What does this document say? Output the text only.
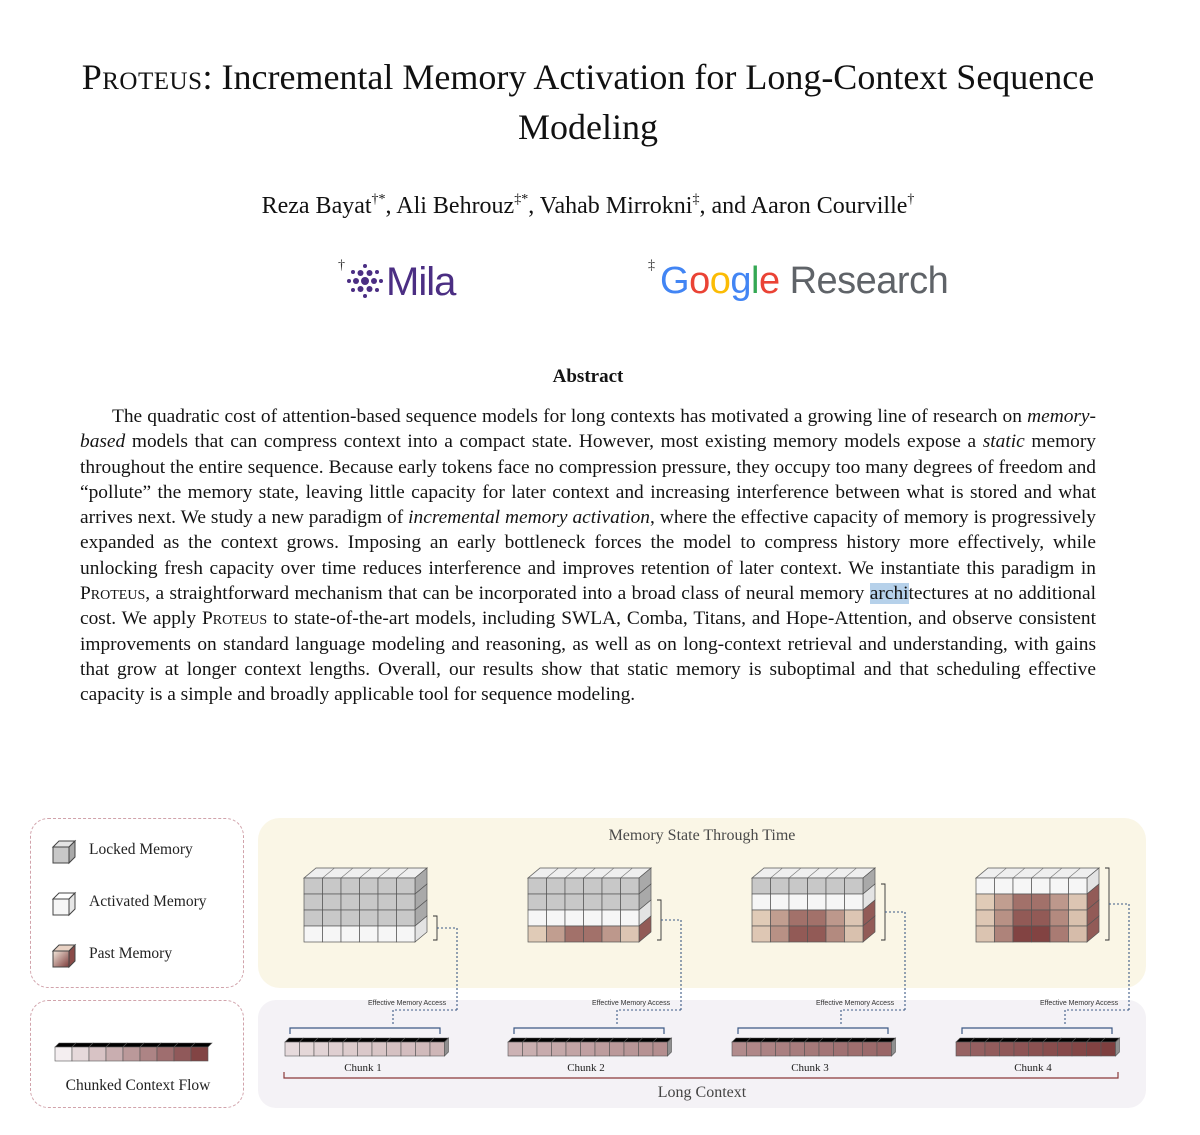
Proteus: Incremental Memory Activation for Long-Context Sequence Modeling
Reza Bayat†*, Ali Behrouz‡*, Vahab Mirrokni‡, and Aaron Courville†
† Mila	‡ Google Research
Abstract

The quadratic cost of attention-based sequence models for long contexts has motivated a growing line of research on memory-based models that can compress context into a compact state. However, most existing memory models expose a static memory throughout the entire sequence. Because early tokens face no compression pressure, they occupy too many degrees of freedom and “pollute” the memory state, leaving little capacity for later context and increasing interference between what is stored and what arrives next. We study a new paradigm of incremental memory activation, where the effective capacity of memory is progressively expanded as the context grows. Imposing an early bottleneck forces the model to compress history more effectively, while unlocking fresh capacity over time reduces interference and improves retention of later context. We instantiate this paradigm in Proteus, a straightforward mechanism that can be incorporated into a broad class of neural memory architectures at no additional cost. We apply Proteus to state-of-the-art models, including SWLA, Comba, Titans, and Hope-Attention, and observe consistent improvements on standard language modeling and reasoning, as well as on long-context retrieval and understanding, with gains that grow at longer context lengths. Overall, our results show that static memory is suboptimal and that scheduling effective capacity is a simple and broadly applicable tool for sequence modeling.

Locked Memory
Activated Memory
Past Memory
Chunked Context Flow
Memory State Through Time
Effective Memory Access	Effective Memory Access	Effective Memory Access	Effective Memory Access
Chunk 1	Chunk 2	Chunk 3	Chunk 4
Long Context
